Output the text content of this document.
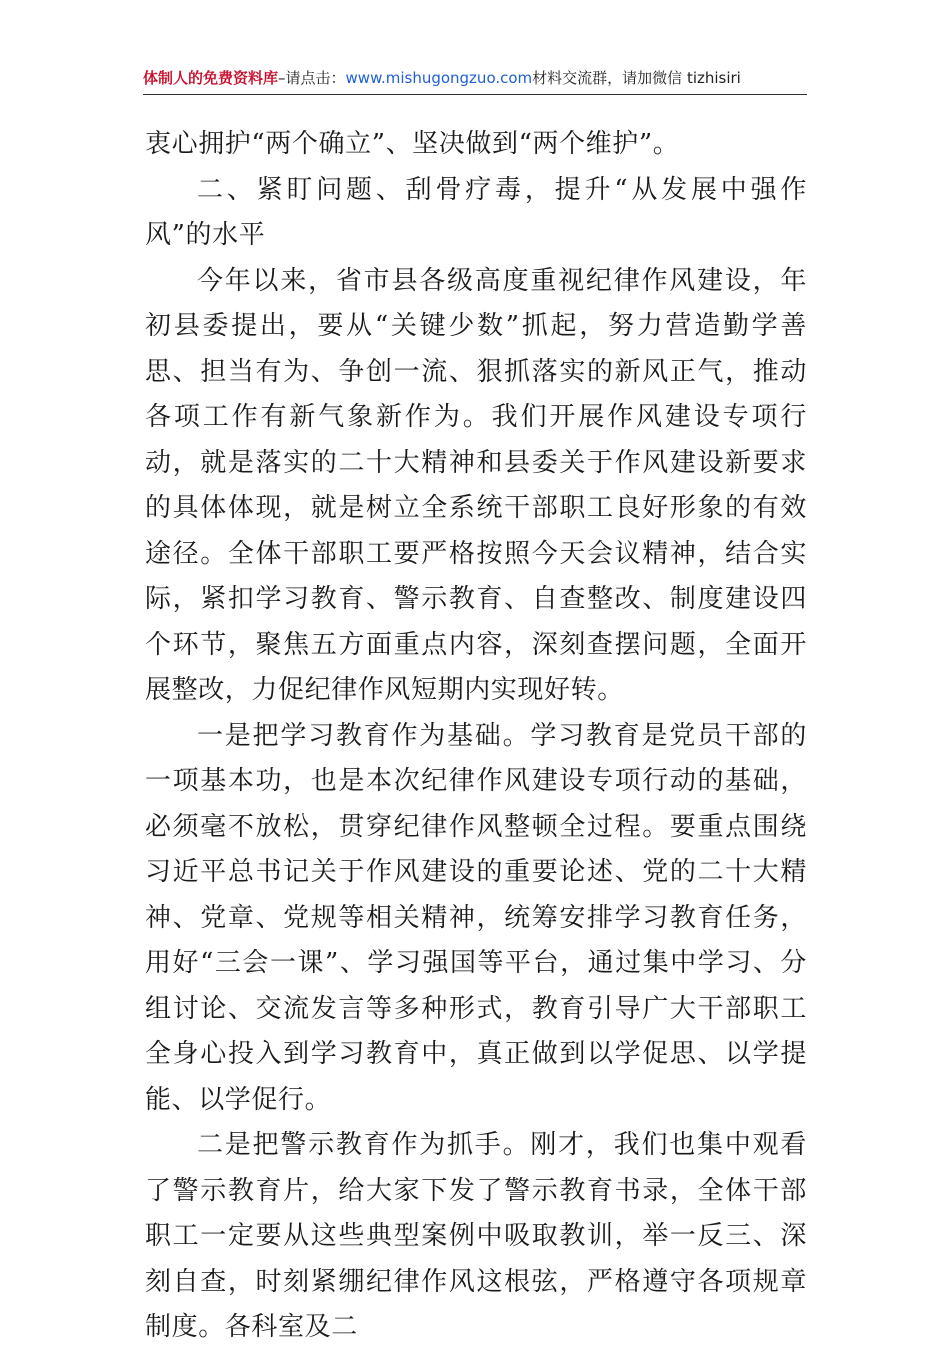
体制人的免费资料库–请点击：www.mishugongzuo.com材料交流群，请加微信 tizhisiri

衷心拥护“两个确立”、坚决做到“两个维护”。

二、紧盯问题、刮骨疗毒，提升“从发展中强作风”的水平

今年以来，省市县各级高度重视纪律作风建设，年初县委提出，要从“关键少数”抓起，努力营造勤学善思、担当有为、争创一流、狠抓落实的新风正气，推动各项工作有新气象新作为。我们开展作风建设专项行动，就是落实的二十大精神和县委关于作风建设新要求的具体体现，就是树立全系统干部职工良好形象的有效途径。全体干部职工要严格按照今天会议精神，结合实际，紧扣学习教育、警示教育、自查整改、制度建设四个环节，聚焦五方面重点内容，深刻查摆问题，全面开展整改，力促纪律作风短期内实现好转。

一是把学习教育作为基础。学习教育是党员干部的一项基本功，也是本次纪律作风建设专项行动的基础，必须毫不放松，贯穿纪律作风整顿全过程。要重点围绕习近平总书记关于作风建设的重要论述、党的二十大精神、党章、党规等相关精神，统筹安排学习教育任务，用好“三会一课”、学习强国等平台，通过集中学习、分组讨论、交流发言等多种形式，教育引导广大干部职工全身心投入到学习教育中，真正做到以学促思、以学提能、以学促行。

二是把警示教育作为抓手。刚才，我们也集中观看了警示教育片，给大家下发了警示教育书录，全体干部职工一定要从这些典型案例中吸取教训，举一反三、深刻自查，时刻紧绷纪律作风这根弦，严格遵守各项规章制度。各科室及二
